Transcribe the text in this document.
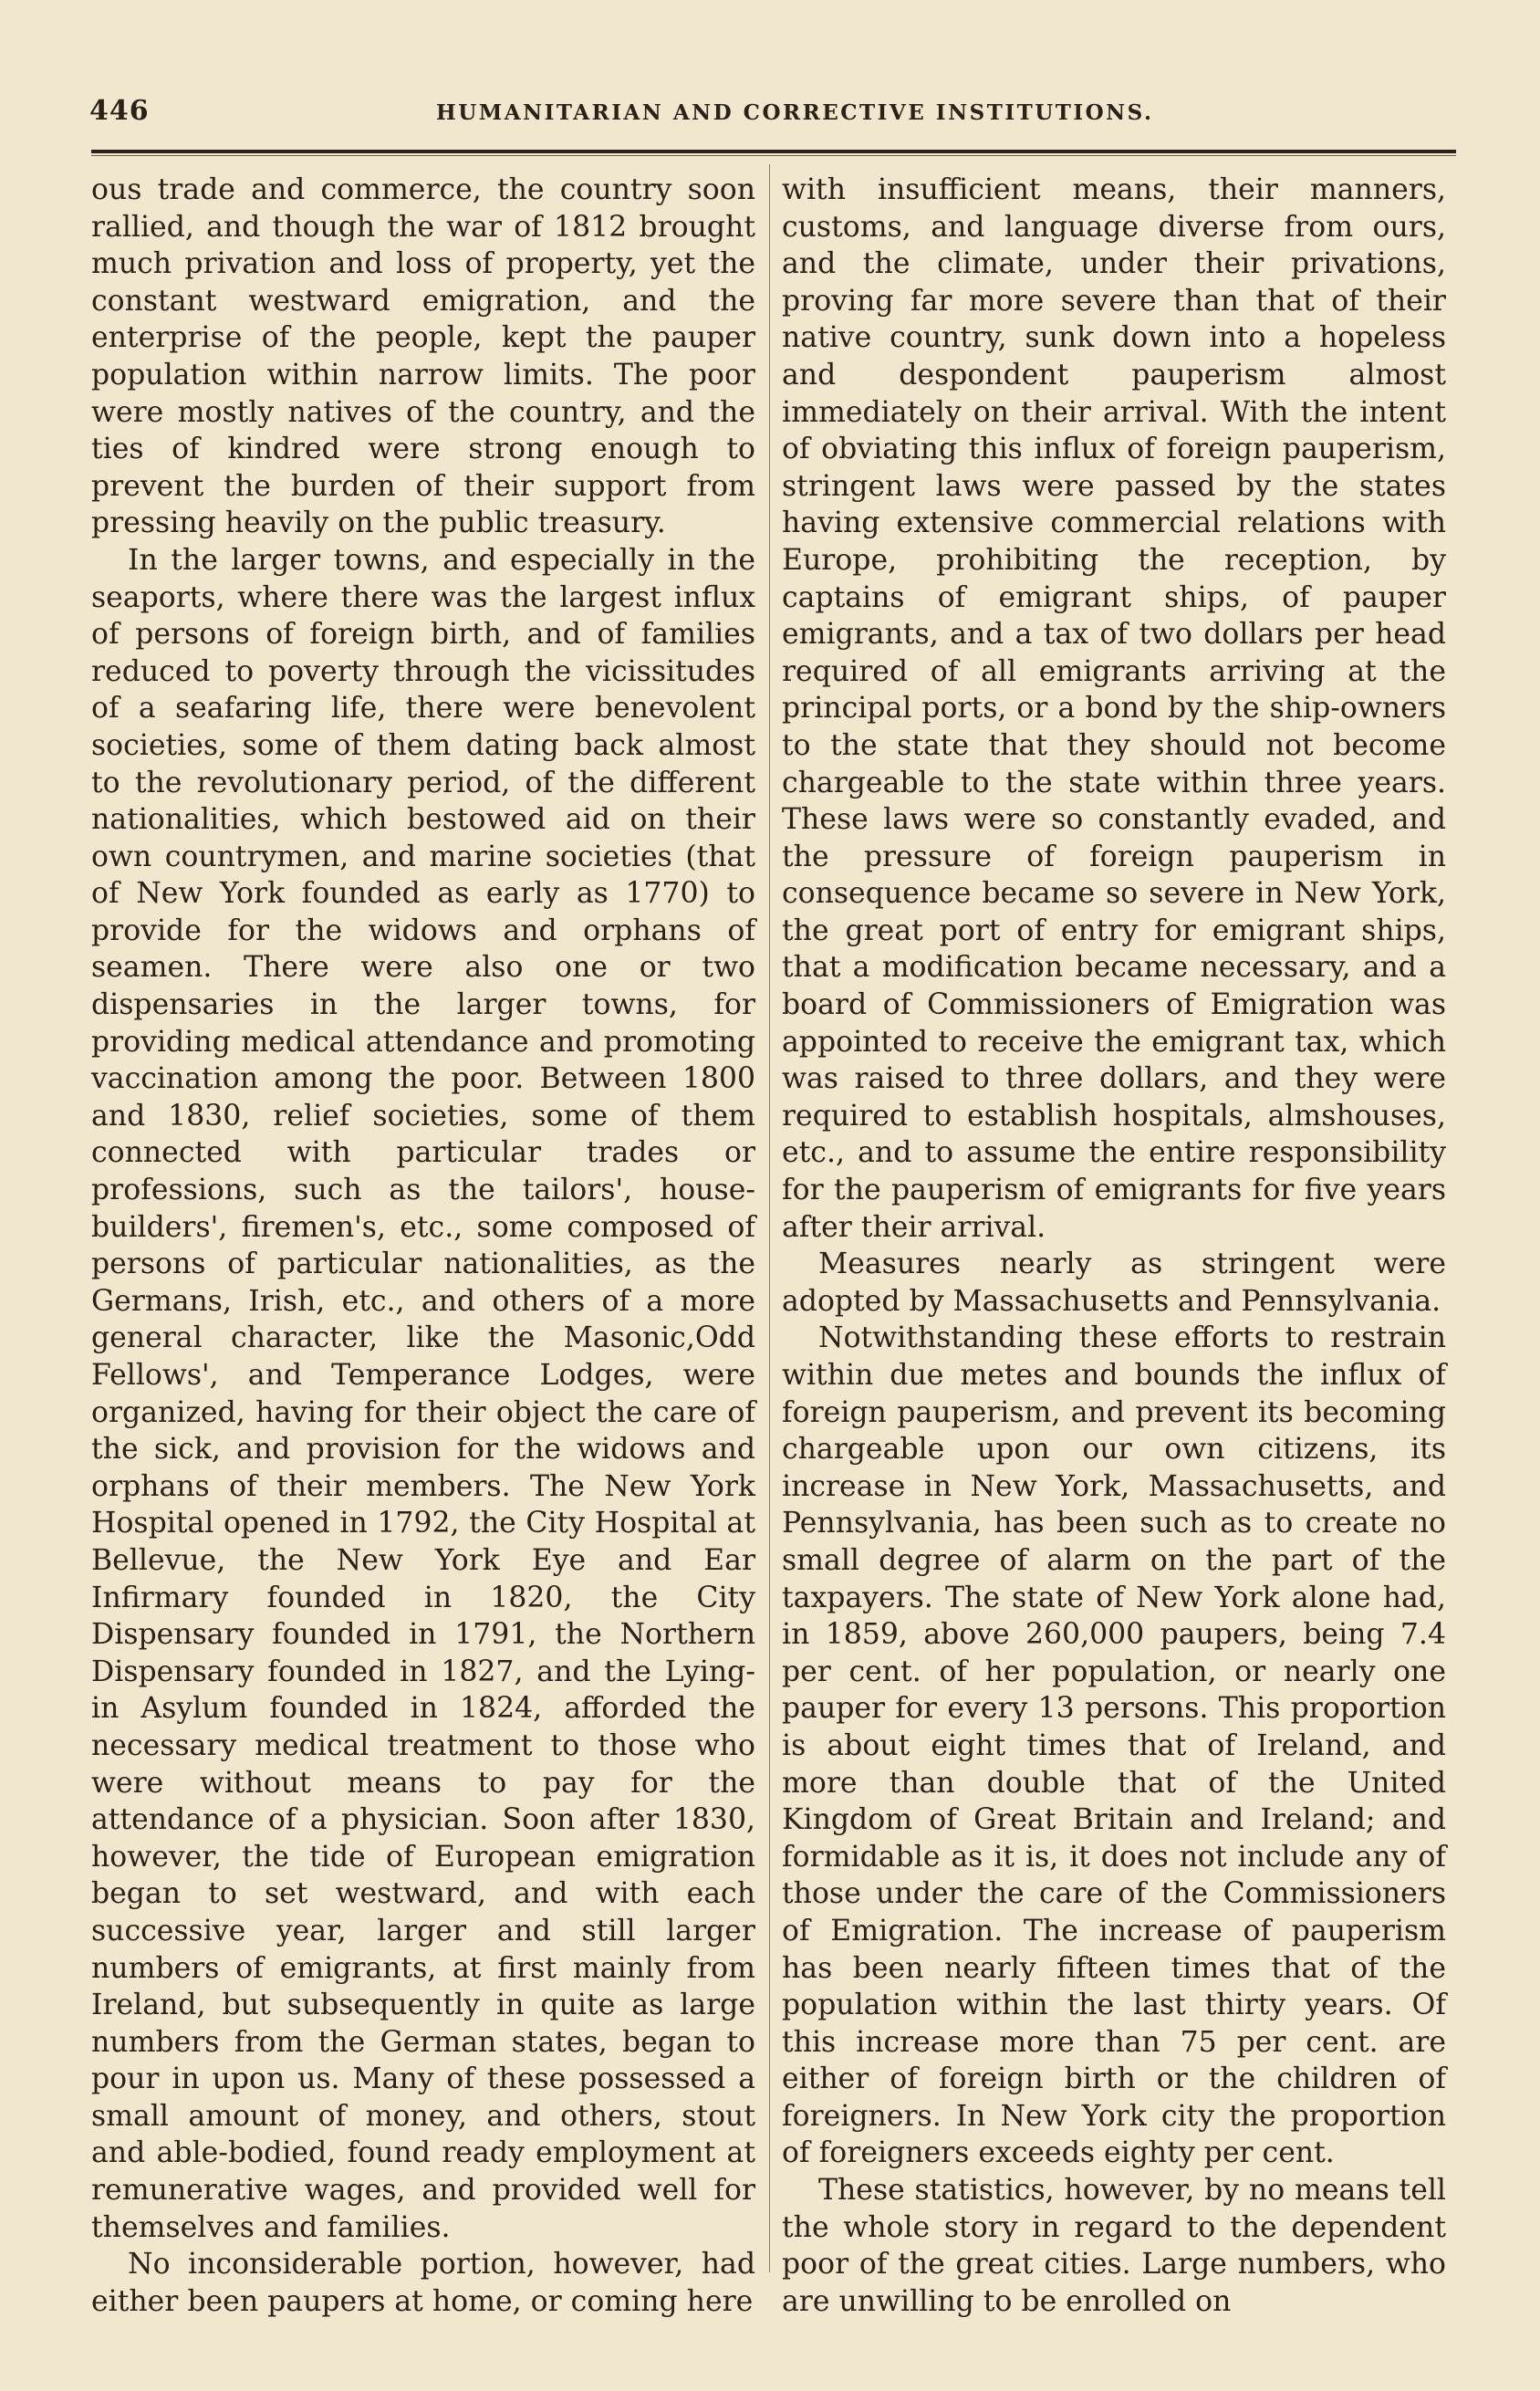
446	HUMANITARIAN AND CORRECTIVE INSTITUTIONS.

ous trade and commerce, the country soon rallied, and though the war of 1812 brought much privation and loss of property, yet the constant westward emigration, and the enterprise of the people, kept the pauper population within narrow limits. The poor were mostly natives of the country, and the ties of kindred were strong enough to prevent the burden of their support from pressing heavily on the public treasury.

In the larger towns, and especially in the seaports, where there was the largest influx of persons of foreign birth, and of families reduced to poverty through the vicissitudes of a seafaring life, there were benevolent societies, some of them dating back almost to the revolutionary period, of the different nationalities, which bestowed aid on their own countrymen, and marine societies (that of New York founded as early as 1770) to provide for the widows and orphans of seamen. There were also one or two dispensaries in the larger towns, for providing medical attendance and promoting vaccination among the poor. Between 1800 and 1830, relief societies, some of them connected with particular trades or professions, such as the tailors', house-builders', firemen's, etc., some composed of persons of particular nationalities, as the Germans, Irish, etc., and others of a more general character, like the Masonic,Odd Fellows', and Temperance Lodges, were organized, having for their object the care of the sick, and provision for the widows and orphans of their members. The New York Hospital opened in 1792, the City Hospital at Bellevue, the New York Eye and Ear Infirmary founded in 1820, the City Dispensary founded in 1791, the Northern Dispensary founded in 1827, and the Lying-in Asylum founded in 1824, afforded the necessary medical treatment to those who were without means to pay for the attendance of a physician. Soon after 1830, however, the tide of European emigration began to set westward, and with each successive year, larger and still larger numbers of emigrants, at first mainly from Ireland, but subsequently in quite as large numbers from the German states, began to pour in upon us. Many of these possessed a small amount of money, and others, stout and able-bodied, found ready employment at remunerative wages, and provided well for themselves and families.

No inconsiderable portion, however, had either been paupers at home, or coming here

with insufficient means, their manners, customs, and language diverse from ours, and the climate, under their privations, proving far more severe than that of their native country, sunk down into a hopeless and despondent pauperism almost immediately on their arrival. With the intent of obviating this influx of foreign pauperism, stringent laws were passed by the states having extensive commercial relations with Europe, prohibiting the reception, by captains of emigrant ships, of pauper emigrants, and a tax of two dollars per head required of all emigrants arriving at the principal ports, or a bond by the ship-owners to the state that they should not become chargeable to the state within three years. These laws were so constantly evaded, and the pressure of foreign pauperism in consequence became so severe in New York, the great port of entry for emigrant ships, that a modification became necessary, and a board of Commissioners of Emigration was appointed to receive the emigrant tax, which was raised to three dollars, and they were required to establish hospitals, almshouses, etc., and to assume the entire responsibility for the pauperism of emigrants for five years after their arrival.

Measures nearly as stringent were adopted by Massachusetts and Pennsylvania.

Notwithstanding these efforts to restrain within due metes and bounds the influx of foreign pauperism, and prevent its becoming chargeable upon our own citizens, its increase in New York, Massachusetts, and Pennsylvania, has been such as to create no small degree of alarm on the part of the taxpayers. The state of New York alone had, in 1859, above 260,000 paupers, being 7.4 per cent. of her population, or nearly one pauper for every 13 persons. This proportion is about eight times that of Ireland, and more than double that of the United Kingdom of Great Britain and Ireland; and formidable as it is, it does not include any of those under the care of the Commissioners of Emigration. The increase of pauperism has been nearly fifteen times that of the population within the last thirty years. Of this increase more than 75 per cent. are either of foreign birth or the children of foreigners. In New York city the proportion of foreigners exceeds eighty per cent.

These statistics, however, by no means tell the whole story in regard to the dependent poor of the great cities. Large numbers, who are unwilling to be enrolled on
